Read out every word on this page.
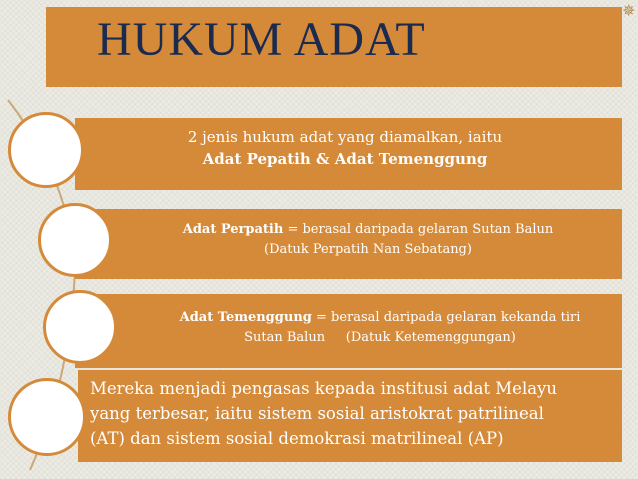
HUKUM ADAT
✵
2 jenis hukum adat yang diamalkan, iaitu
Adat Pepatih & Adat Temenggung
Adat Perpatih = berasal daripada gelaran Sutan Balun
(Datuk Perpatih Nan Sebatang)
Adat Temenggung = berasal daripada gelaran kekanda tiri
Sutan Balun     (Datuk Ketemenggungan)
Mereka menjadi pengasas kepada institusi adat Melayu
yang terbesar, iaitu sistem sosial aristokrat patrilineal
(AT) dan sistem sosial demokrasi matrilineal (AP)
